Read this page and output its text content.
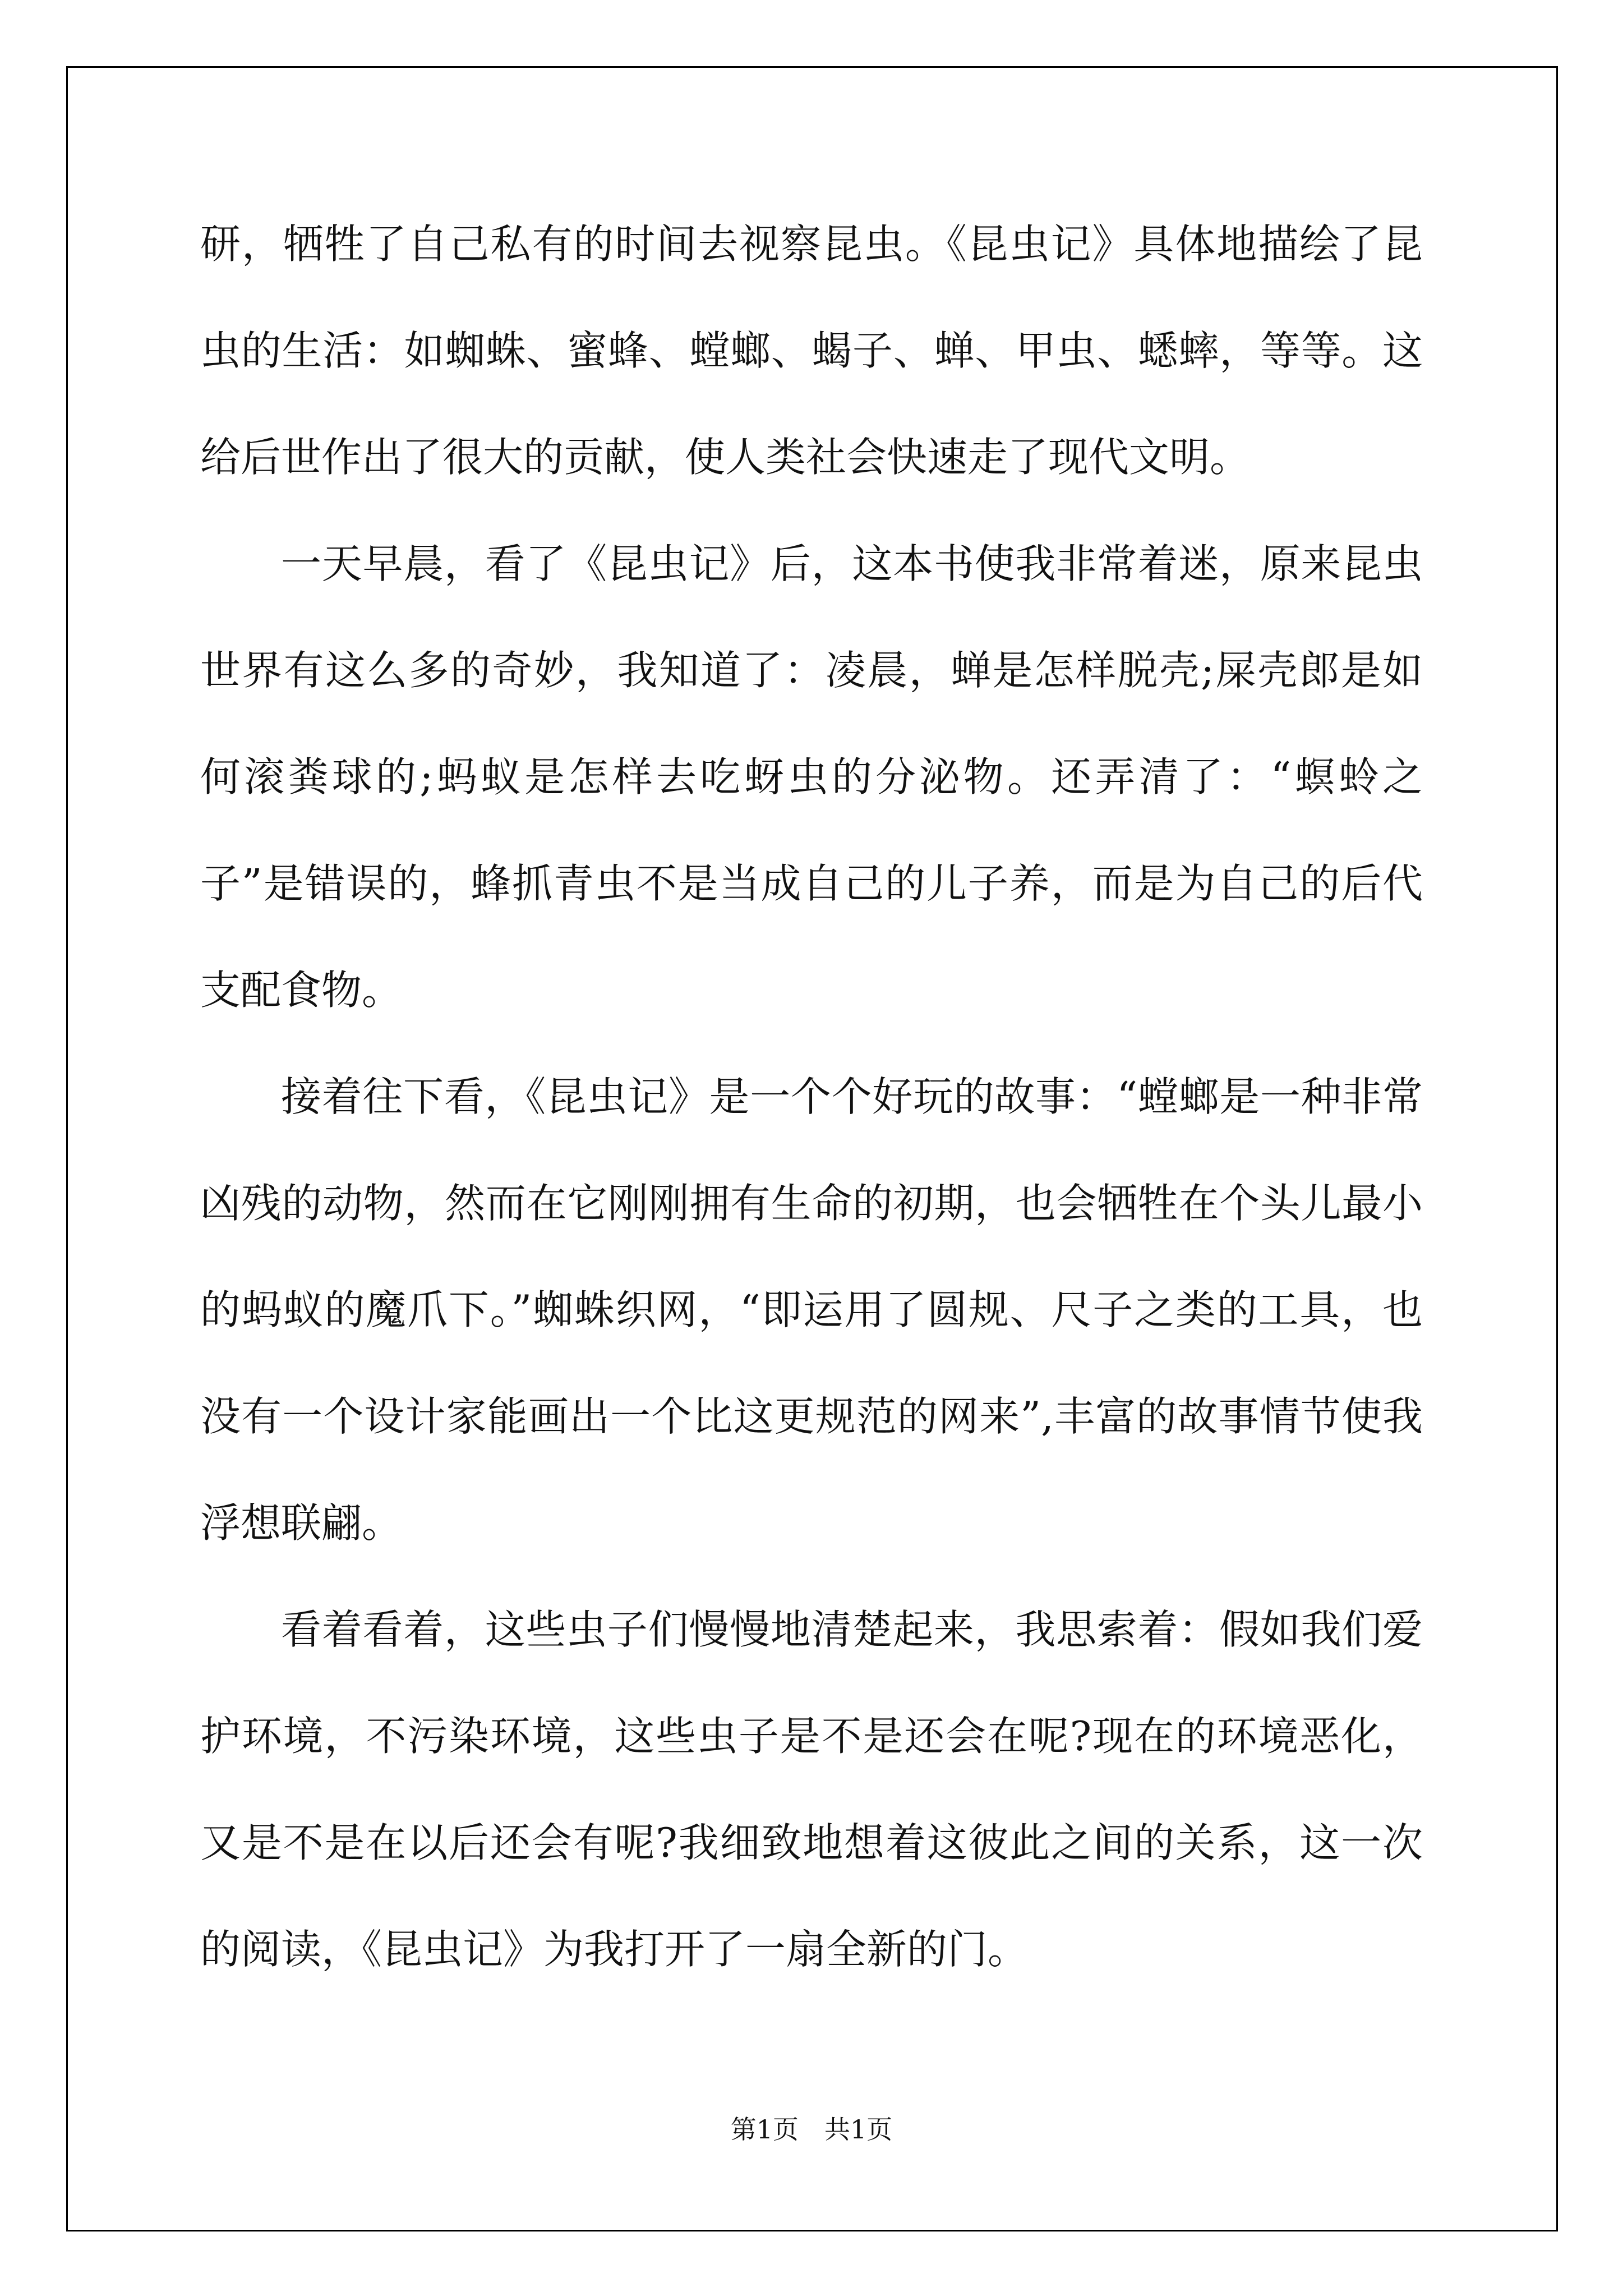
研，牺牲了自己私有的时间去视察昆虫。《昆虫记》具体地描绘了昆虫的生活：如蜘蛛、蜜蜂、螳螂、蝎子、蝉、甲虫、蟋蟀，等等。这给后世作出了很大的贡献，使人类社会快速走了现代文明。

一天早晨，看了《昆虫记》后，这本书使我非常着迷，原来昆虫世界有这么多的奇妙，我知道了：凌晨，蝉是怎样脱壳;屎壳郎是如何滚粪球的;蚂蚁是怎样去吃蚜虫的分泌物。还弄清了：“螟蛉之子”是错误的，蜂抓青虫不是当成自己的儿子养，而是为自己的后代支配食物。

接着往下看，《昆虫记》是一个个好玩的故事：“螳螂是一种非常凶残的动物，然而在它刚刚拥有生命的初期，也会牺牲在个头儿最小的蚂蚁的魔爪下。”蜘蛛织网，“即运用了圆规、尺子之类的工具，也没有一个设计家能画出一个比这更规范的网来”,丰富的故事情节使我浮想联翩。

看着看着，这些虫子们慢慢地清楚起来，我思索着：假如我们爱护环境，不污染环境，这些虫子是不是还会在呢?现在的环境恶化，又是不是在以后还会有呢?我细致地想着这彼此之间的关系，这一次的阅读，《昆虫记》为我打开了一扇全新的门。

第1页　共1页
